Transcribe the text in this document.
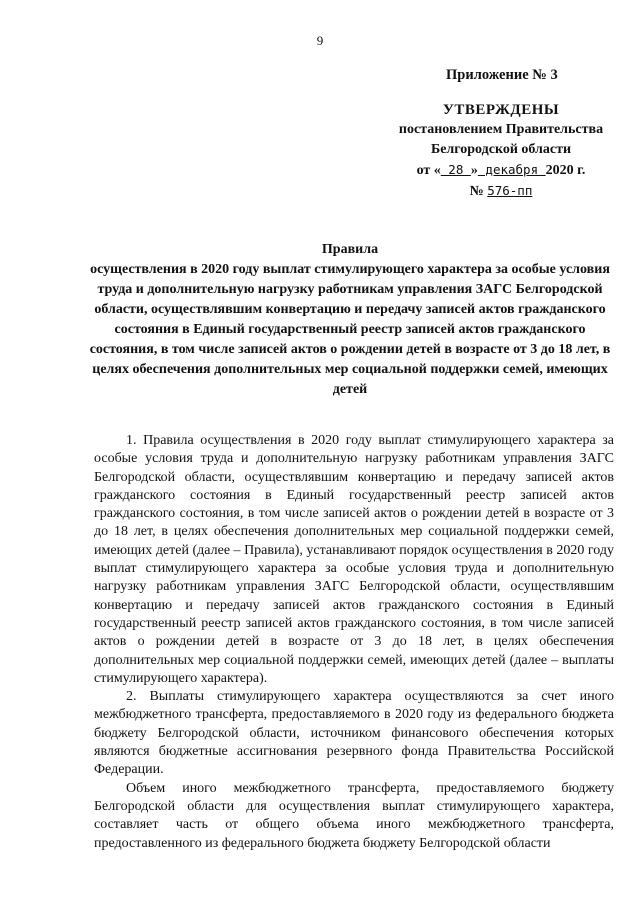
9
Приложение № 3
УТВЕРЖДЕНЫ
постановлением Правительства
Белгородской области
от « 28 » декабря 2020 г.
№ 576-пп
Правила
осуществления в 2020 году выплат стимулирующего характера за особые условия труда и дополнительную нагрузку работникам управления ЗАГС Белгородской области, осуществлявшим конвертацию и передачу записей актов гражданского состояния в Единый государственный реестр записей актов гражданского состояния, в том числе записей актов о рождении детей в возрасте от 3 до 18 лет, в целях обеспечения дополнительных мер социальной поддержки семей, имеющих детей

1. Правила осуществления в 2020 году выплат стимулирующего характера за особые условия труда и дополнительную нагрузку работникам управления ЗАГС Белгородской области, осуществлявшим конвертацию и передачу записей актов гражданского состояния в Единый государственный реестр записей актов гражданского состояния, в том числе записей актов о рождении детей в возрасте от 3 до 18 лет, в целях обеспечения дополнительных мер социальной поддержки семей, имеющих детей (далее – Правила), устанавливают порядок осуществления в 2020 году выплат стимулирующего характера за особые условия труда и дополнительную нагрузку работникам управления ЗАГС Белгородской области, осуществлявшим конвертацию и передачу записей актов гражданского состояния в Единый государственный реестр записей актов гражданского состояния, в том числе записей актов о рождении детей в возрасте от 3 до 18 лет, в целях обеспечения дополнительных мер социальной поддержки семей, имеющих детей (далее – выплаты стимулирующего характера).

2. Выплаты стимулирующего характера осуществляются за счет иного межбюджетного трансферта, предоставляемого в 2020 году из федерального бюджета бюджету Белгородской области, источником финансового обеспечения которых являются бюджетные ассигнования резервного фонда Правительства Российской Федерации.

Объем иного межбюджетного трансферта, предоставляемого бюджету Белгородской области для осуществления выплат стимулирующего характера, составляет часть от общего объема иного межбюджетного трансферта, предоставленного из федерального бюджета бюджету Белгородской области
